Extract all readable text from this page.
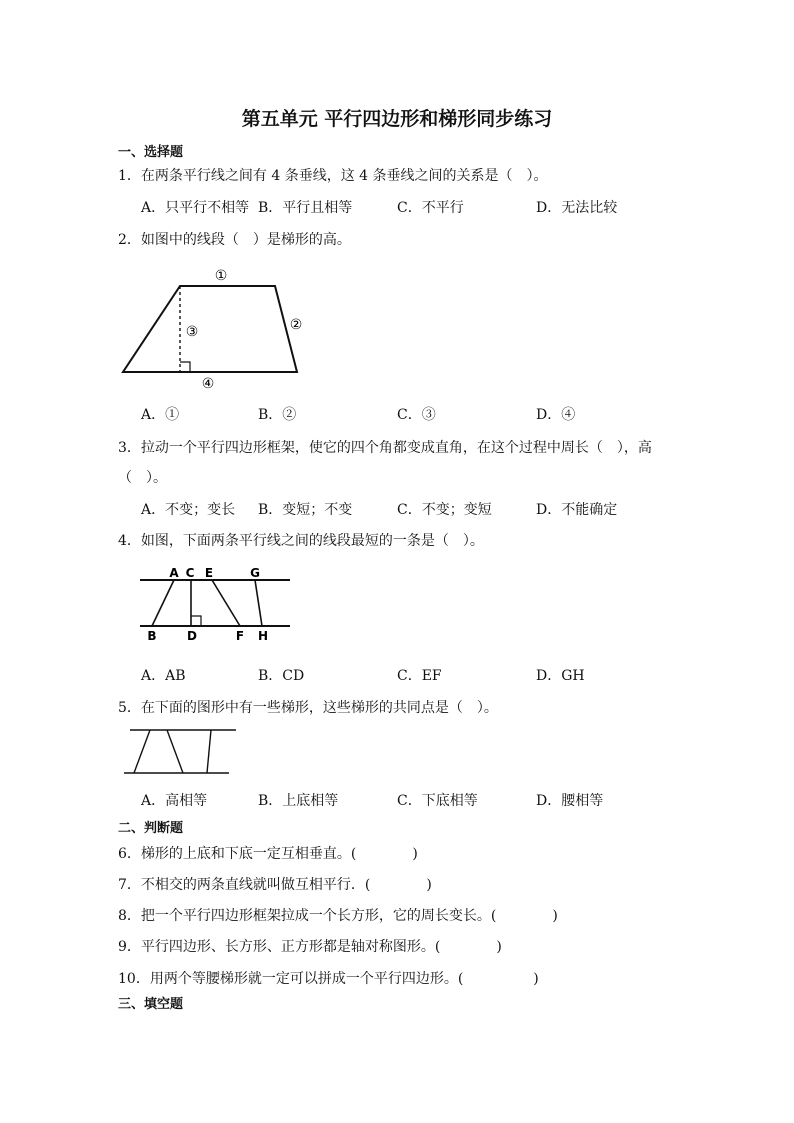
第五单元 平行四边形和梯形同步练习
一、选择题
1．在两条平行线之间有 4 条垂线，这 4 条垂线之间的关系是（　）。
A．只平行不相等 B．平行且相等	C．不平行	D．无法比较
2．如图中的线段（　）是梯形的高。
①
②
③
④
A．①	B．②	C．③	D．④
3．拉动一个平行四边形框架，使它的四个角都变成直角，在这个过程中周长（　），高
（　）。
A．不变；变长 B．变短；不变	C．不变；变短	D．不能确定
4．如图，下面两条平行线之间的线段最短的一条是（　）。
A C E	G
B	D	F H
A．AB	B．CD	C．EF	D．GH
5．在下面的图形中有一些梯形，这些梯形的共同点是（　）。
A．高相等	B．上底相等	C．下底相等	D．腰相等
二、判断题
6．梯形的上底和下底一定互相垂直。(　　　　)
7．不相交的两条直线就叫做互相平行．(　　　　)
8．把一个平行四边形框架拉成一个长方形，它的周长变长。(　　　　)
9．平行四边形、长方形、正方形都是轴对称图形。(　　　　)
10．用两个等腰梯形就一定可以拼成一个平行四边形。(　　　　　)
三、填空题
